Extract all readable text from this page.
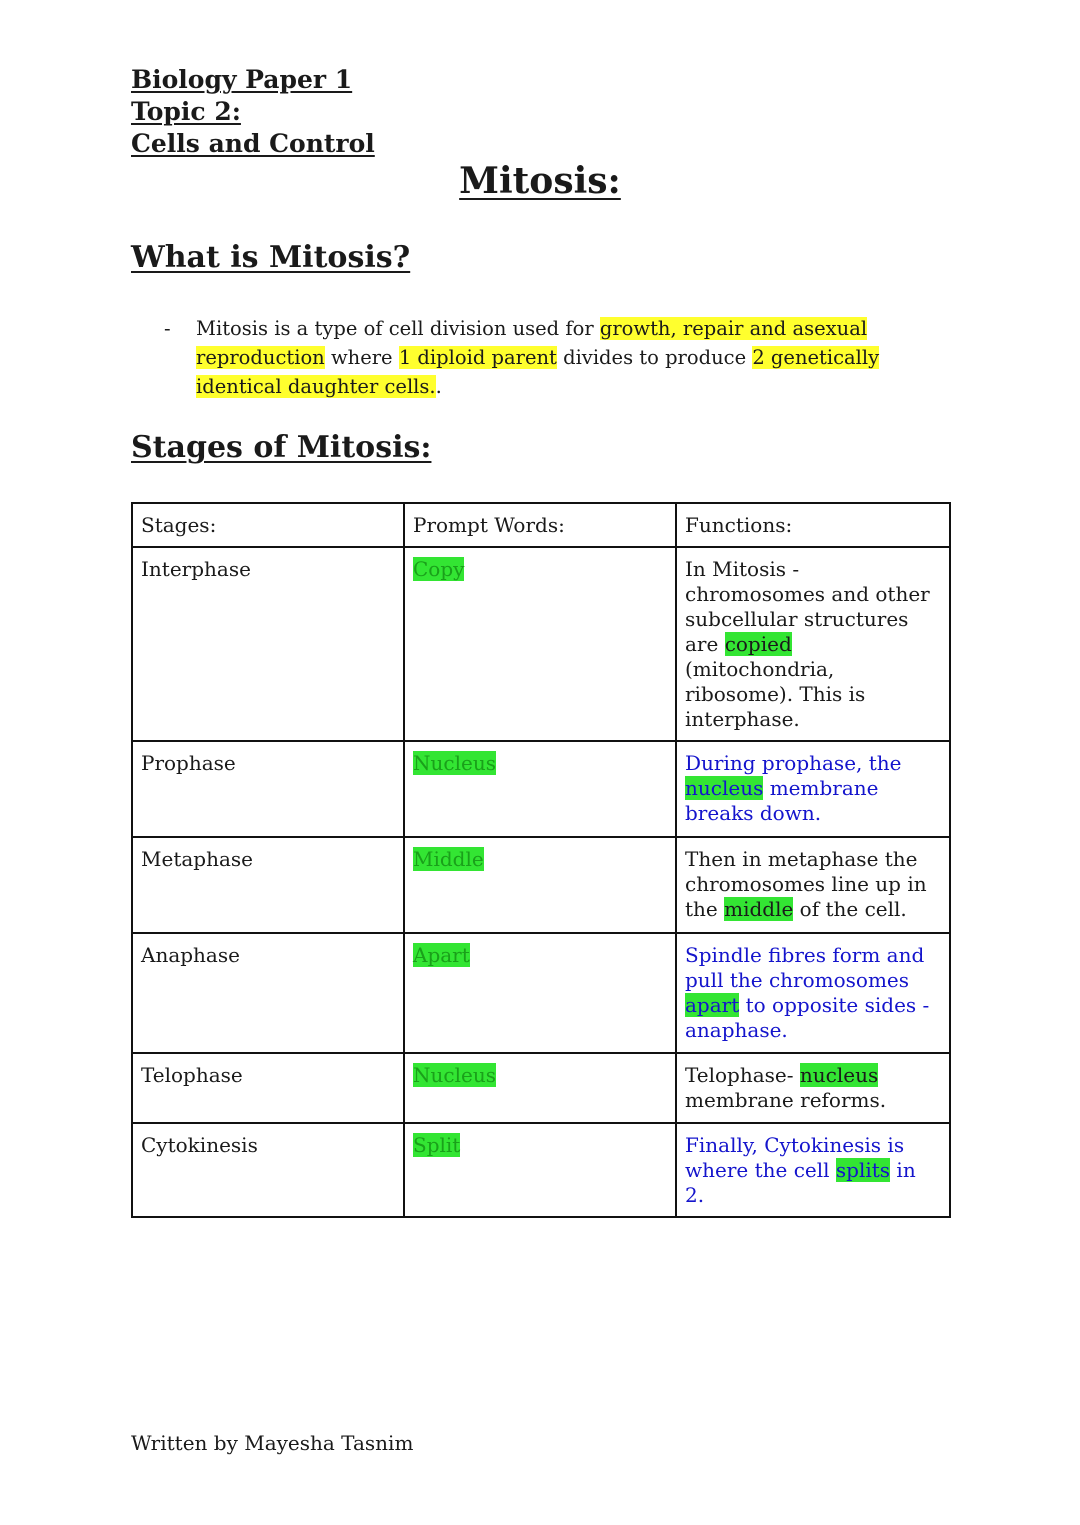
Biology Paper 1
Topic 2:
Cells and Control
Mitosis:
What is Mitosis?
- Mitosis is a type of cell division used for growth, repair and asexual reproduction where 1 diploid parent divides to produce 2 genetically identical daughter cells..
Stages of Mitosis:
Stages:	Prompt Words:	Functions:
Interphase	Copy	In Mitosis - chromosomes and other subcellular structures are copied (mitochondria, ribosome). This is interphase.
Prophase	Nucleus	During prophase, the nucleus membrane breaks down.
Metaphase	Middle	Then in metaphase the chromosomes line up in the middle of the cell.
Anaphase	Apart	Spindle fibres form and pull the chromosomes apart to opposite sides - anaphase.
Telophase	Nucleus	Telophase- nucleus membrane reforms.
Cytokinesis	Split	Finally, Cytokinesis is where the cell splits in 2.
Written by Mayesha Tasnim
